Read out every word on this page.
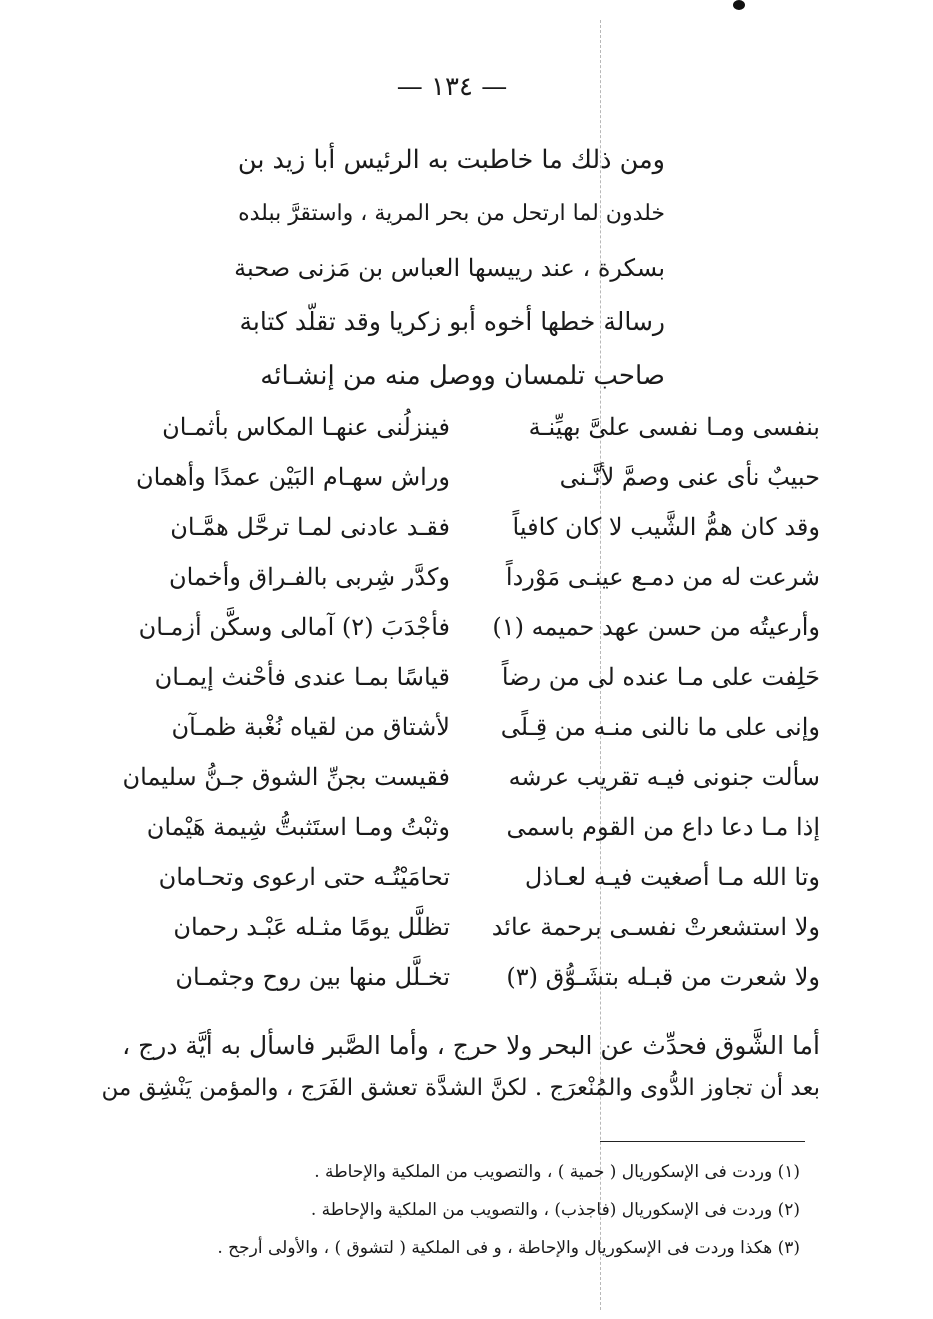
— ١٣٤ —
ومن ذلك ما خاطبت به الرئيس أبا زيد بن
خلدون لما ارتحل من بحر المرية ، واستقرَّ ببلده
بسكرة ، عند رييسها العباس بن مَزنى صحبة
رسالة خطها أخوه أبو زكريا وقد تقلّد كتابة
صاحب تلمسان ووصل منه من إنشـائه
بنفسى ومـا نفسى علىَّ بهيِّنـة
فينزلُنى عنهـا المكاس بأثمـان
حبيبٌ نأى عنى وصمَّ لأنَّـنى
وراش سهـام البَيْن عمدًا وأهمان
وقد كان همُّ الشَّيب لا كان كافياً
فقـد عادنى لمـا ترحَّل همَّـان
شرعت له من دمـع عينـى مَوْرداً
وكدَّر شِربى بالفـراق وأخمان
وأرعيتُه من حسن عهد حميمه (١)
فأجْدَبَ (٢) آمالى وسكَّن أزمـان
حَلِفت على مـا عنده لى من رضاً
قياسًا بمـا عندى فأحْنث إيمـان
وإنى على ما نالنى منـه من قِـلًى
لأشتاق من لقياه نُغْبة ظمـآن
سألت جنونى فيـه تقريب عرشه
فقيست بجنِّ الشوق جـنُّ سليمان
إذا مـا دعا داع من القوم باسمى
وثبْتُ ومـا استَثبتُّ شِيمة هَيْمان
وتا الله مـا أصغيت فيـه لعـاذل
تحامَيْتُـه حتى ارعوى وتحـامان
ولا استشعرتْ نفسـى برحمة عائد
تظلَّل يومًا مثـله عَبْـد رحمان
ولا شعرت من قبـله بتشَـوُّق (٣)
تخـلَّل منها بين روح وجثمـان
أما الشَّوق فحدِّث عن البحر ولا حرج ، وأما الصَّبر فاسأل به أيَّة درج ،
بعد أن تجاوز الدُّوى والمُنْعرَج . لكنَّ الشدَّة تعشق الفَرَج ، والمؤمن يَنْشِق من
(١) وردت فى الإسكوريال ( حمية ) ، والتصويب من الملكية والإحاطة .
(٢) وردت فى الإسكوريال (فاجذب) ، والتصويب من الملكية والإحاطة .
(٣) هكذا وردت فى الإسكوريال والإحاطة ، و فى الملكية ( لتشوق ) ، والأولى أرجح .
